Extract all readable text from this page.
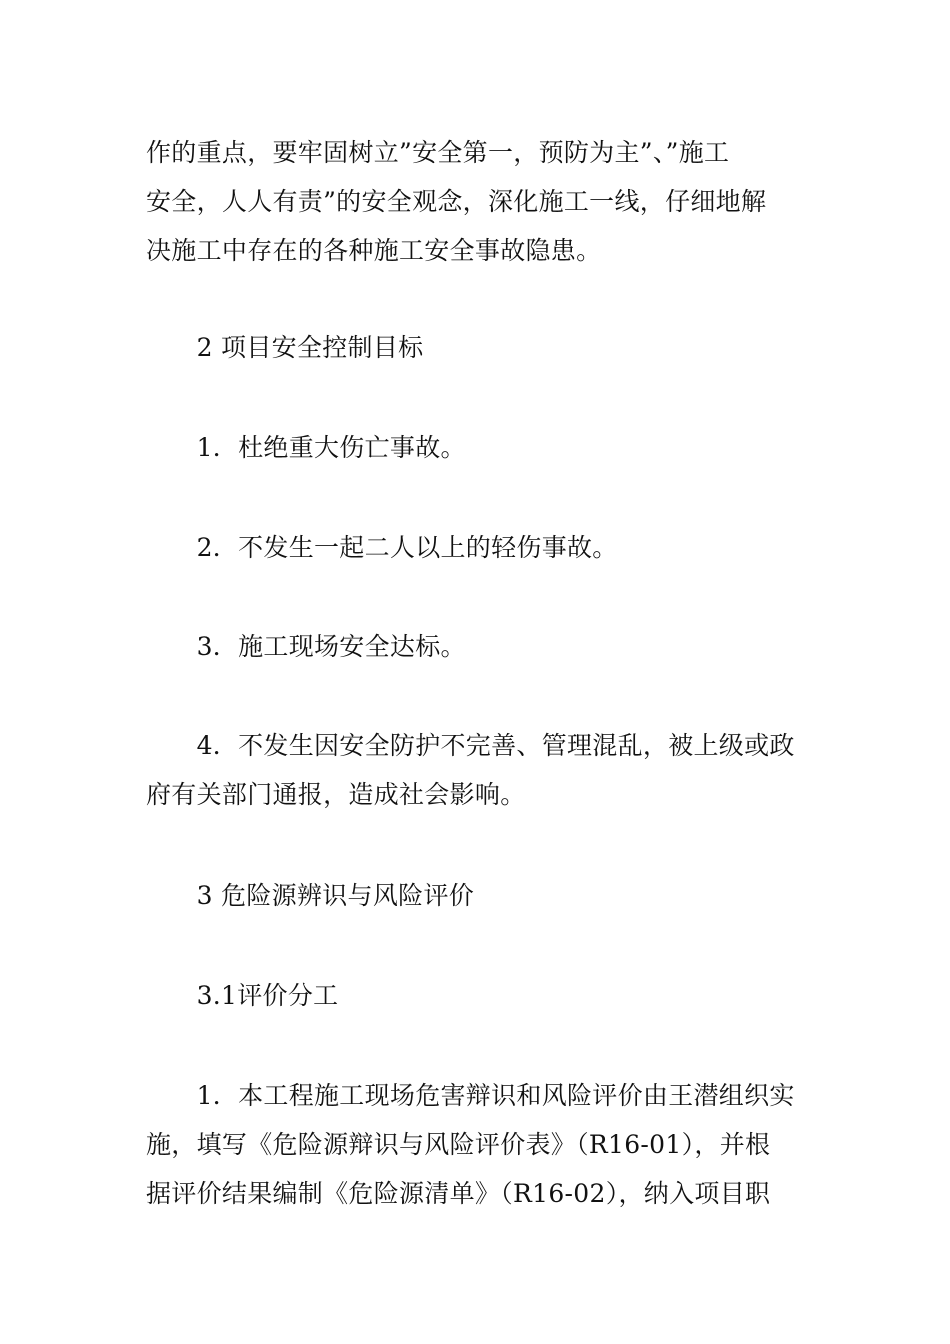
作的重点，要牢固树立”安全第一，预防为主”、”施工
安全，人人有责”的安全观念，深化施工一线，仔细地解
决施工中存在的各种施工安全事故隐患。

　　2 项目安全控制目标

　　1．杜绝重大伤亡事故。

　　2．不发生一起二人以上的轻伤事故。

　　3．施工现场安全达标。

　　4．不发生因安全防护不完善、管理混乱，被上级或政
府有关部门通报，造成社会影响。

　　3 危险源辨识与风险评价

　　3.1评价分工

　　1．本工程施工现场危害辩识和风险评价由王潜组织实
施，填写《危险源辩识与风险评价表》（R16-01），并根
据评价结果编制《危险源清单》（R16-02），纳入项目职
